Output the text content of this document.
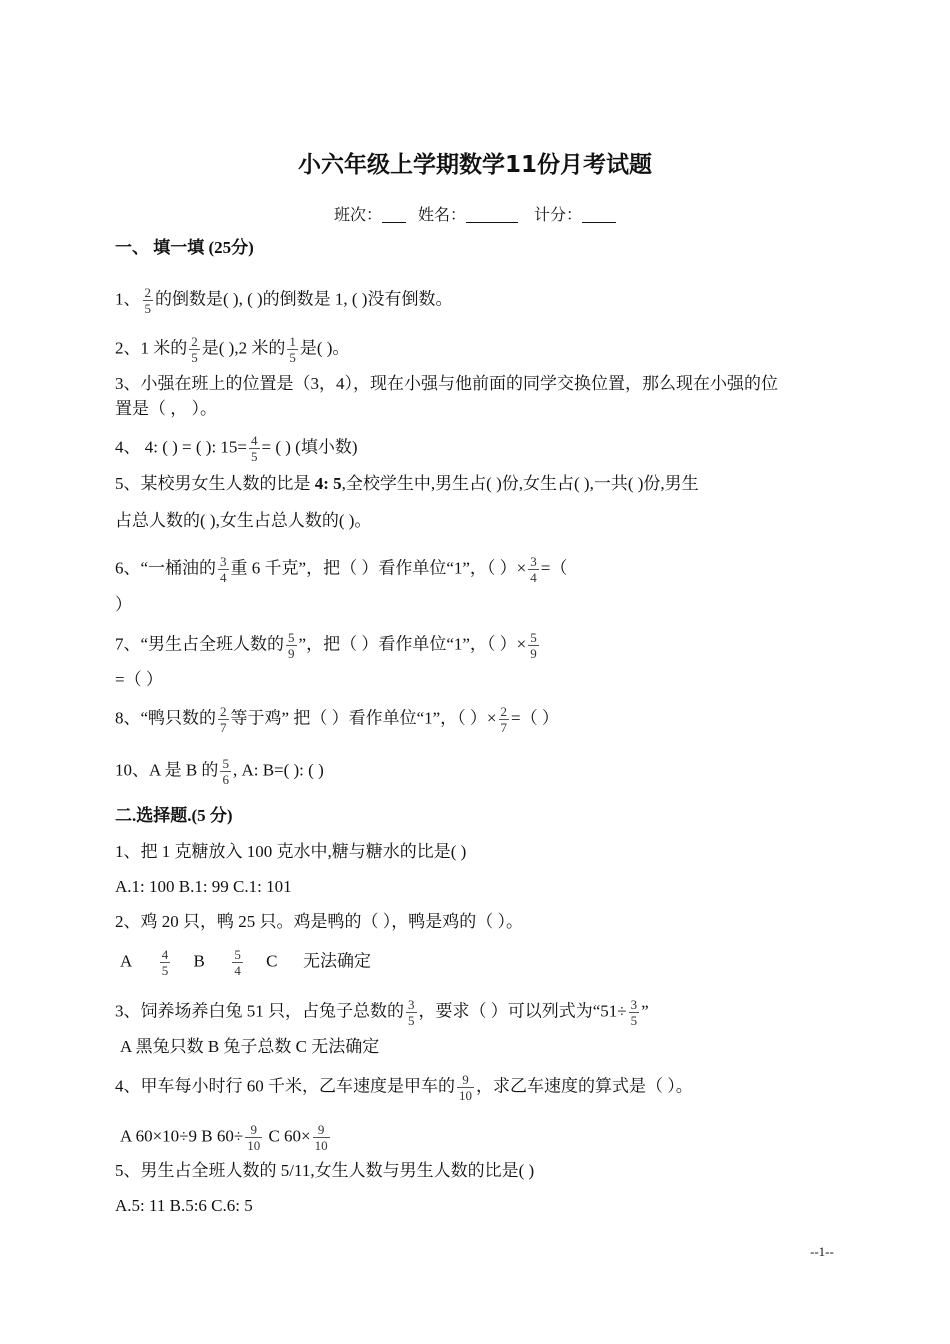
小六年级上学期数学11份月考试题
班次： 姓名：	计分：
一、 填一填 (25分)
1、 $\frac{2}{5}$ 的倒数是( ), ( )的倒数是 1, ( )没有倒数。
2、1 米的 $\frac{2}{5}$ 是( ),2 米的 $\frac{1}{5}$ 是( )。
3、小强在班上的位置是（3，4），现在小强与他前面的同学交换位置，那么现在小强的位
置是（ ， ）。
4、 4: ( ) = ( ): $15= \frac{4}{5}$ = ( ) (填小数)
5、某校男女生人数的比是 4: 5,全校学生中,男生占( )份,女生占( ),一共( )份,男生
占总人数的( ),女生占总人数的( )。
6、“一桶油的 $\frac{3}{4}$ 重 6 千克”，把（ ）看作单位“1”，（ ）× $\frac{3}{4}$ =（
）
7、“男生占全班人数的 $\frac{5}{9}$ ”，把（ ）看作单位“1”，（ ）× $\frac{5}{9}$
=（ ）
8、“鸭只数的 $\frac{2}{7}$ 等于鸡” 把（ ）看作单位“1”，（ ）× $\frac{2}{7}$ =（ ）
10、A 是 B 的 $\frac{5}{6}$ , A: B=( ): ( )
二.选择题.(5 分)
1、把 1 克糖放入 100 克水中,糖与糖水的比是( )
A.1: 100 B.1: 99 C.1: 101
2、鸡 20 只，鸭 25 只。鸡是鸭的（ ），鸭是鸡的（ ）。
A $\frac{4}{5}$ B $\frac{5}{4}$ C 无法确定
3、饲养场养白兔 51 只，占兔子总数的 $\frac{3}{5}$ ，要求（ ）可以列式为“$51\div \frac{3}{5}$ ”
A 黑兔只数 B 兔子总数 C 无法确定
4、甲车每小时行 60 千米，乙车速度是甲车的 $\frac{9}{10}$ ，求乙车速度的算式是（ ）。
A 60×10÷9 B $60\div \frac{9}{10}$ C $60\times \frac{9}{10}$
5、男生占全班人数的 5/11,女生人数与男生人数的比是( )
A.5: 11 B.5:6 C.6: 5
--1--
